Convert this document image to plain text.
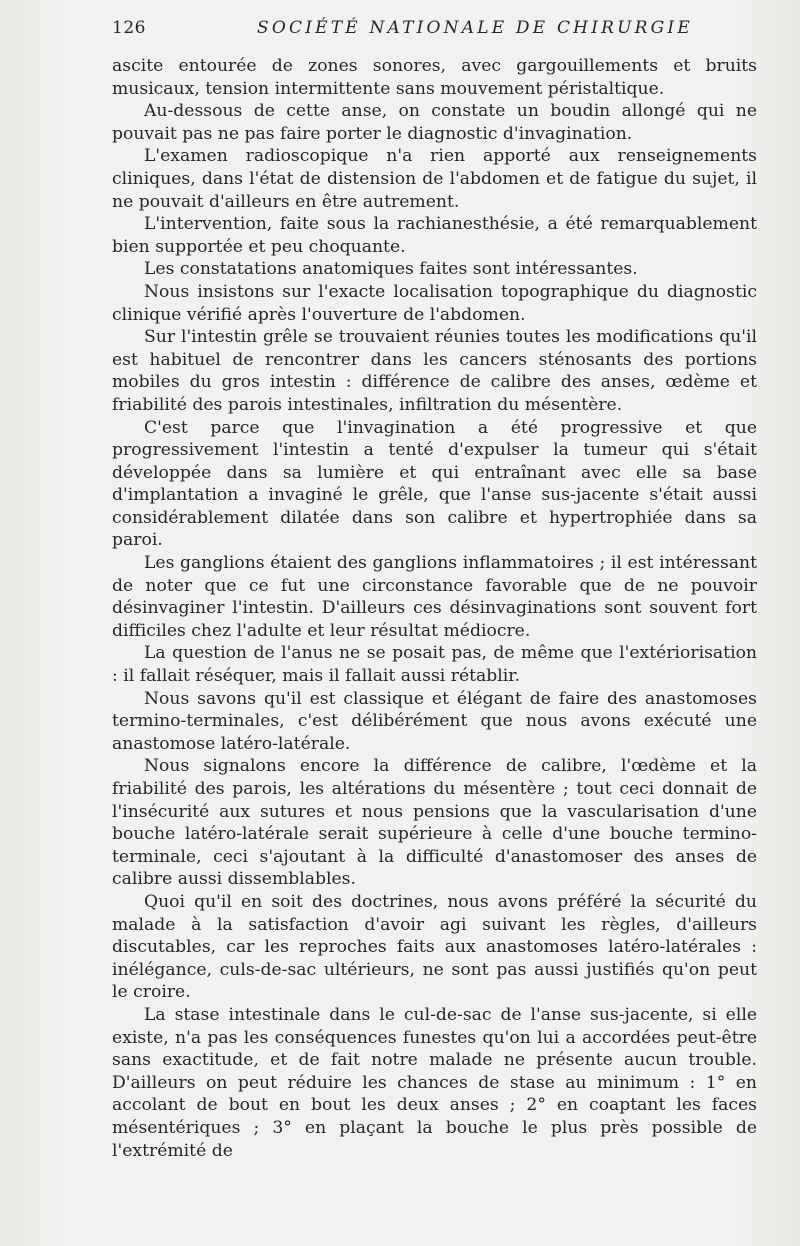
126	SOCIÉTÉ NATIONALE DE CHIRURGIE

ascite entourée de zones sonores, avec gargouillements et bruits musicaux, tension intermittente sans mouvement péristaltique.

Au-dessous de cette anse, on constate un boudin allongé qui ne pouvait pas ne pas faire porter le diagnostic d'invagination.

L'examen radioscopique n'a rien apporté aux renseignements cliniques, dans l'état de distension de l'abdomen et de fatigue du sujet, il ne pouvait d'ailleurs en être autrement.

L'intervention, faite sous la rachianesthésie, a été remarquablement bien supportée et peu choquante.

Les constatations anatomiques faites sont intéressantes.

Nous insistons sur l'exacte localisation topographique du diagnostic clinique vérifié après l'ouverture de l'abdomen.

Sur l'intestin grêle se trouvaient réunies toutes les modifications qu'il est habituel de rencontrer dans les cancers sténosants des portions mobiles du gros intestin : différence de calibre des anses, œdème et friabilité des parois intestinales, infiltration du mésentère.

C'est parce que l'invagination a été progressive et que progressivement l'intestin a tenté d'expulser la tumeur qui s'était développée dans sa lumière et qui entraînant avec elle sa base d'implantation a invaginé le grêle, que l'anse sus-jacente s'était aussi considérablement dilatée dans son calibre et hypertrophiée dans sa paroi.

Les ganglions étaient des ganglions inflammatoires ; il est intéressant de noter que ce fut une circonstance favorable que de ne pouvoir désinvaginer l'intestin. D'ailleurs ces désinvaginations sont souvent fort difficiles chez l'adulte et leur résultat médiocre.

La question de l'anus ne se posait pas, de même que l'extériorisation : il fallait réséquer, mais il fallait aussi rétablir.

Nous savons qu'il est classique et élégant de faire des anastomoses termino-terminales, c'est délibérément que nous avons exécuté une anastomose latéro-latérale.

Nous signalons encore la différence de calibre, l'œdème et la friabilité des parois, les altérations du mésentère ; tout ceci donnait de l'insécurité aux sutures et nous pensions que la vascularisation d'une bouche latéro-latérale serait supérieure à celle d'une bouche termino-terminale, ceci s'ajoutant à la difficulté d'anastomoser des anses de calibre aussi dissemblables.

Quoi qu'il en soit des doctrines, nous avons préféré la sécurité du malade à la satisfaction d'avoir agi suivant les règles, d'ailleurs discutables, car les reproches faits aux anastomoses latéro-latérales : inélégance, culs-de-sac ultérieurs, ne sont pas aussi justifiés qu'on peut le croire.

La stase intestinale dans le cul-de-sac de l'anse sus-jacente, si elle existe, n'a pas les conséquences funestes qu'on lui a accordées peut-être sans exactitude, et de fait notre malade ne présente aucun trouble. D'ailleurs on peut réduire les chances de stase au minimum : 1° en accolant de bout en bout les deux anses ; 2° en coaptant les faces mésentériques ; 3° en plaçant la bouche le plus près possible de l'extrémité de
